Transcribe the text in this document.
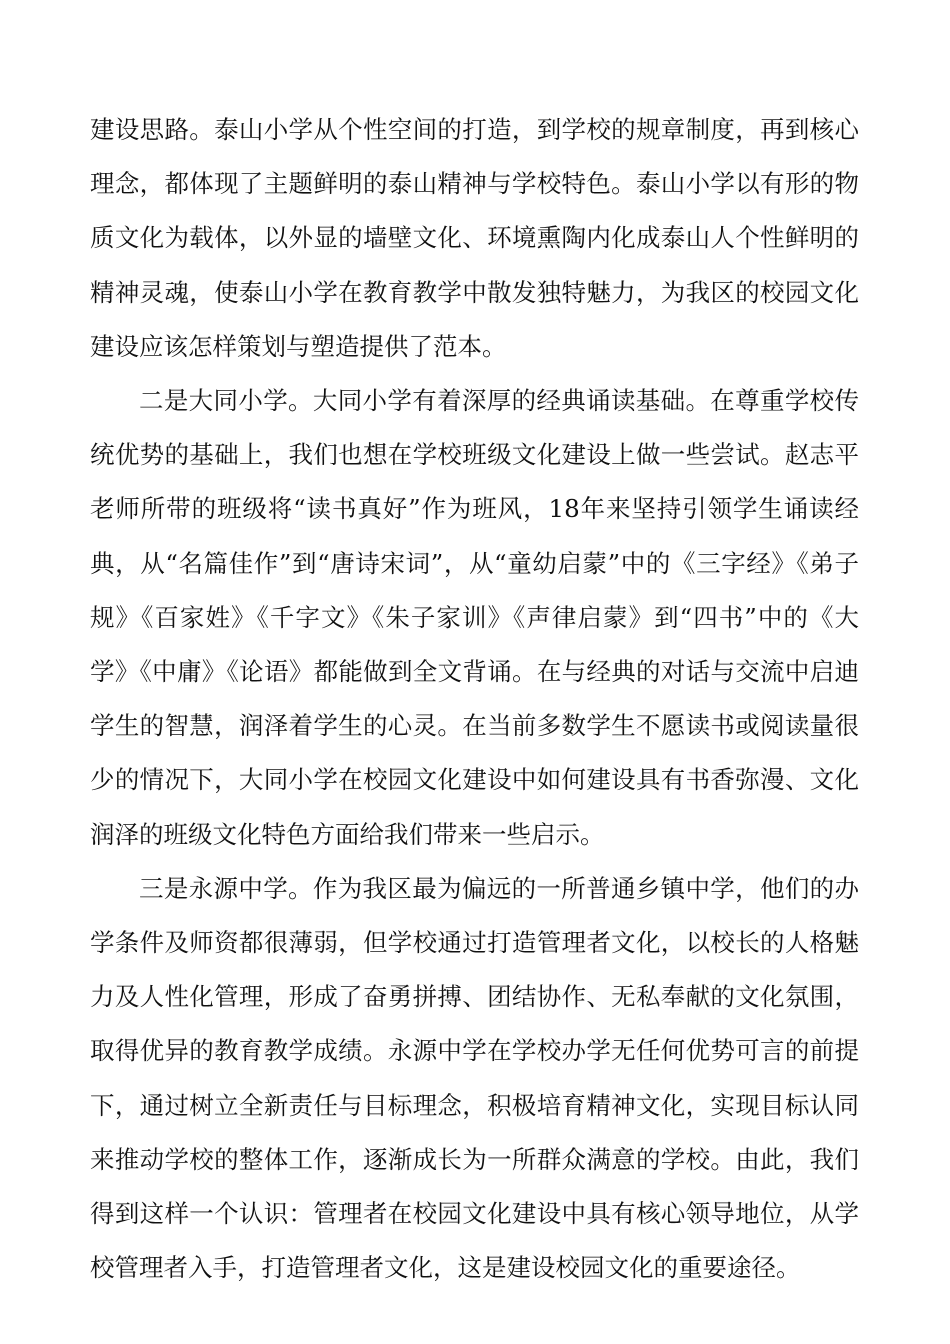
建设思路。泰山小学从个性空间的打造，到学校的规章制度，再到核心理念，都体现了主题鲜明的泰山精神与学校特色。泰山小学以有形的物质文化为载体，以外显的墙壁文化、环境熏陶内化成泰山人个性鲜明的精神灵魂，使泰山小学在教育教学中散发独特魅力，为我区的校园文化建设应该怎样策划与塑造提供了范本。

二是大同小学。大同小学有着深厚的经典诵读基础。在尊重学校传统优势的基础上，我们也想在学校班级文化建设上做一些尝试。赵志平老师所带的班级将“读书真好”作为班风，18年来坚持引领学生诵读经典，从“名篇佳作”到“唐诗宋词”，从“童幼启蒙”中的《三字经》《弟子规》《百家姓》《千字文》《朱子家训》《声律启蒙》到“四书”中的《大学》《中庸》《论语》都能做到全文背诵。在与经典的对话与交流中启迪学生的智慧，润泽着学生的心灵。在当前多数学生不愿读书或阅读量很少的情况下，大同小学在校园文化建设中如何建设具有书香弥漫、文化润泽的班级文化特色方面给我们带来一些启示。

三是永源中学。作为我区最为偏远的一所普通乡镇中学，他们的办学条件及师资都很薄弱，但学校通过打造管理者文化，以校长的人格魅力及人性化管理，形成了奋勇拼搏、团结协作、无私奉献的文化氛围，取得优异的教育教学成绩。永源中学在学校办学无任何优势可言的前提下，通过树立全新责任与目标理念，积极培育精神文化，实现目标认同来推动学校的整体工作，逐渐成长为一所群众满意的学校。由此，我们得到这样一个认识：管理者在校园文化建设中具有核心领导地位，从学校管理者入手，打造管理者文化，这是建设校园文化的重要途径。
